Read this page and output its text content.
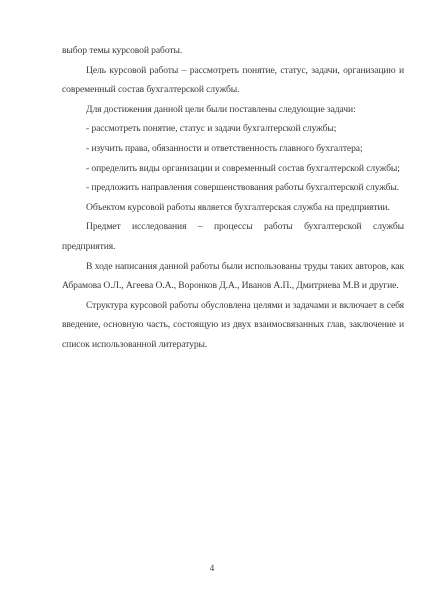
выбор темы курсовой работы.

Цель курсовой работы – рассмотреть понятие, статус, задачи, организацию и современный состав бухгалтерской службы.

Для достижения данной цели были поставлены следующие задачи:

- рассмотреть понятие, статус и задачи бухгалтерской службы;

- изучить права, обязанности и ответственность главного бухгалтера;

- определить виды организации и современный состав бухгалтерской службы;

- предложить направления совершенствования работы бухгалтерской службы.

Объектом курсовой работы является бухгалтерская служба на предприятии.

Предмет исследования – процессы работы бухгалтерской службы предприятия.

В ходе написания данной работы были использованы труды таких авторов, как Абрамова О.Л., Агеева О.А., Воронков Д.А., Иванов А.П., Дмитриева М.В и другие.

Структура курсовой работы обусловлена целями и задачами и включает в себя введение, основную часть, состоящую из двух взаимосвязанных глав, заключение и список использованной литературы.

4
